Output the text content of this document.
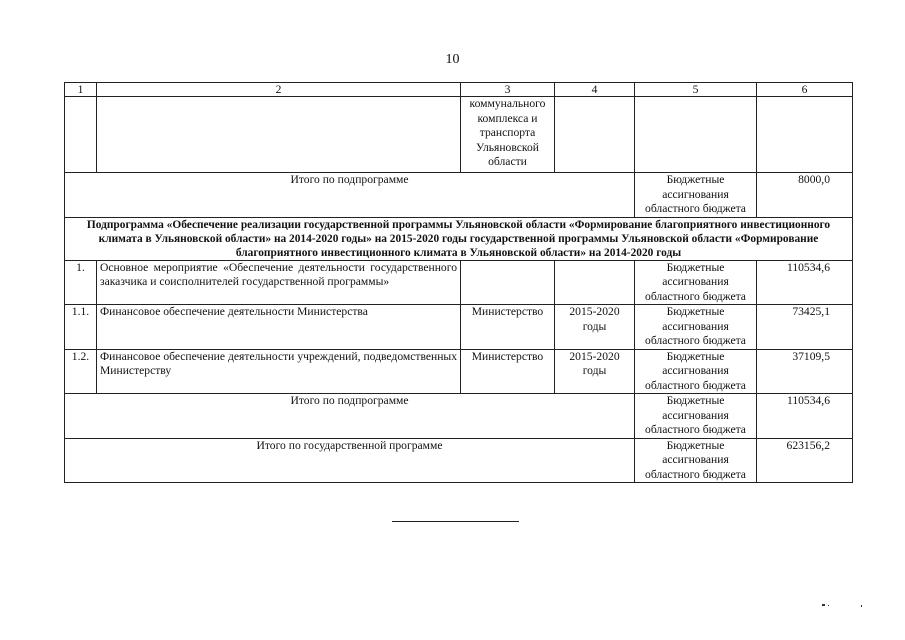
10
1	2	3	4	5	6
		коммунального комплекса и транспорта Ульяновской области			
Итого по подпрограмме				Бюджетные ассигнования областного бюджета	8000,0
Подпрограмма «Обеспечение реализации государственной программы Ульяновской области «Формирование благоприятного инвестиционного климата в Ульяновской области» на 2014-2020 годы» на 2015-2020 годы государственной программы Ульяновской области «Формирование благоприятного инвестиционного климата в Ульяновской области» на 2014-2020 годы					
1.	Основное мероприятие «Обеспечение деятельности государственного заказчика и соисполнителей государственной программы»			Бюджетные ассигнования областного бюджета	110534,6
1.1.	Финансовое обеспечение деятельности Министерства	Министерство	2015-2020 годы	Бюджетные ассигнования областного бюджета	73425,1
1.2.	Финансовое обеспечение деятельности учреждений, подведомственных Министерству	Министерство	2015-2020 годы	Бюджетные ассигнования областного бюджета	37109,5
Итого по подпрограмме				Бюджетные ассигнования областного бюджета	110534,6
Итого по государственной программе				Бюджетные ассигнования областного бюджета	623156,2
